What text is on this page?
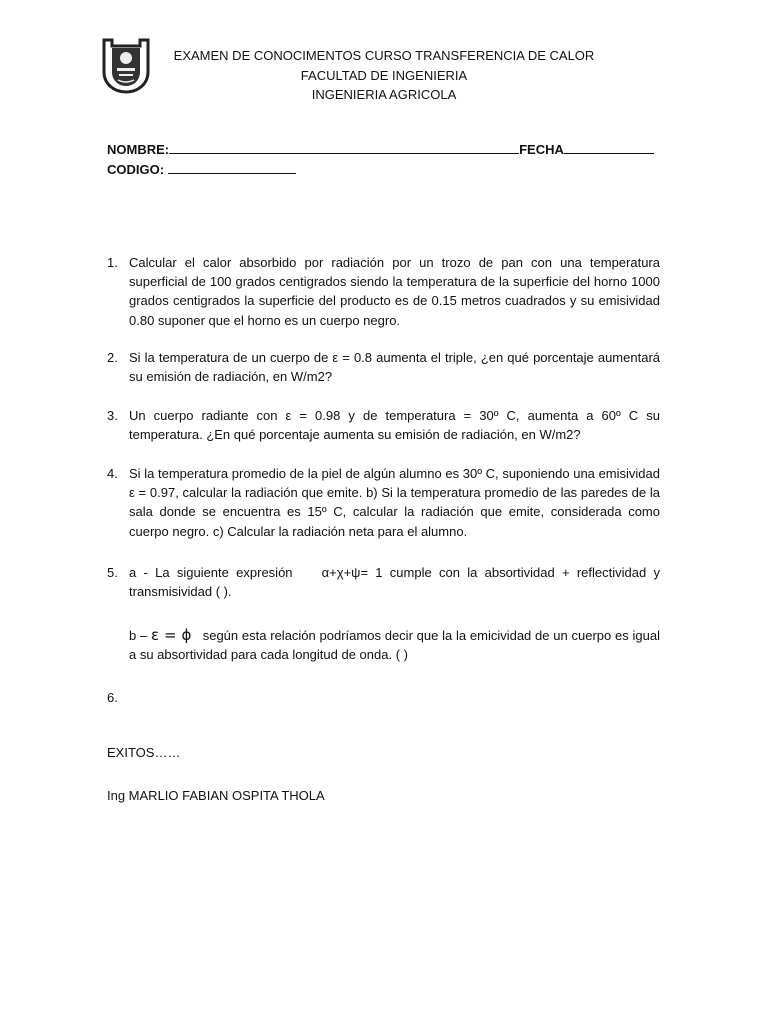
EXAMEN DE CONOCIMENTOS CURSO TRANSFERENCIA DE CALOR
FACULTAD DE INGENIERIA
INGENIERIA AGRICOLA
NOMBRE:	FECHA
CODIGO:
1. Calcular el calor absorbido por radiación por un trozo de pan con una temperatura superficial de 100 grados centigrados siendo la temperatura de la superficie del horno 1000 grados centigrados la superficie del producto es de 0.15 metros cuadrados y su emisividad 0.80 suponer que el horno es un cuerpo negro.
2. Si la temperatura de un cuerpo de ε = 0.8 aumenta el triple, ¿en qué porcentaje aumentará su emisión de radiación, en W/m2?
3. Un cuerpo radiante con ε = 0.98 y de temperatura = 30º C, aumenta a 60º C su temperatura. ¿En qué porcentaje aumenta su emisión de radiación, en W/m2?
4. Si la temperatura promedio de la piel de algún alumno es 30º C, suponiendo una emisividad ε = 0.97, calcular la radiación que emite. b) Si la temperatura promedio de las paredes de la sala donde se encuentra es 15º C, calcular la radiación que emite, considerada como cuerpo negro. c) Calcular la radiación neta para el alumno.
5. a - La siguiente expresión α+χ+ψ= 1 cumple con la absortividad + reflectividad y transmisividad ( ).
b – ε = ϕ según esta relación podríamos decir que la la emicividad de un cuerpo es igual a su absortividad para cada longitud de onda. ( )
6.
EXITOS……
Ing MARLIO FABIAN OSPITA THOLA
